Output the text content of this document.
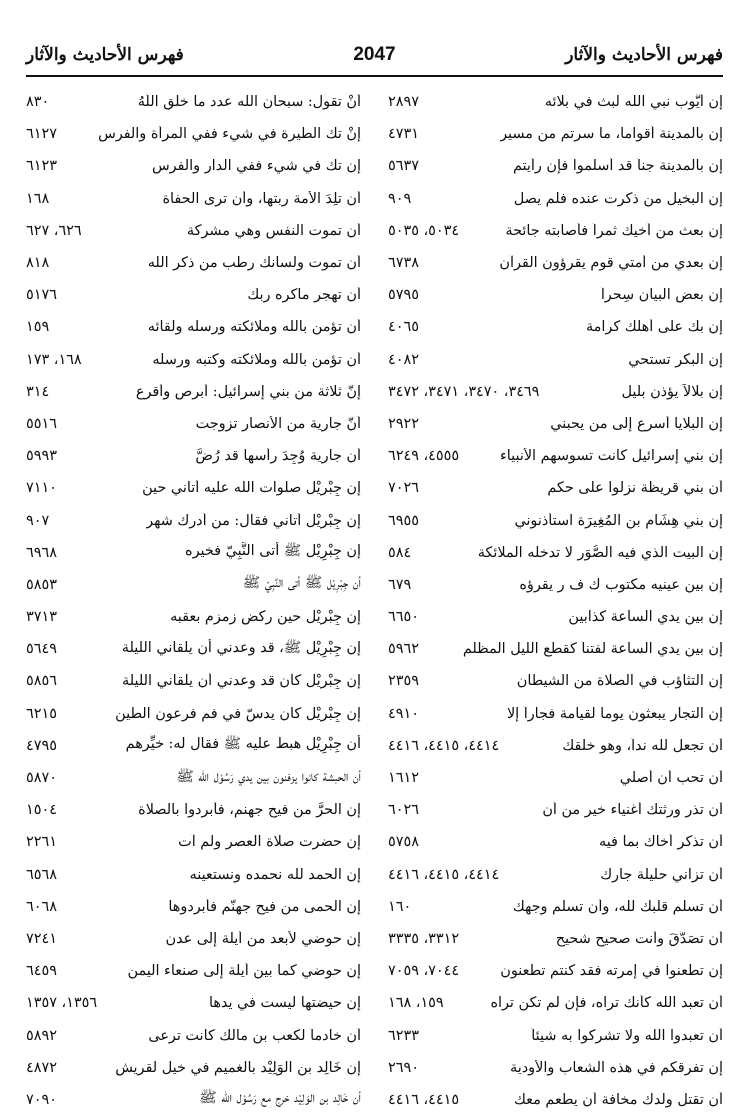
فهرس الأحاديث والآثار	2047	فهرس الأحاديث والآثار
إن أيُّوب نبي الله لبث في بلائه
٢٨٩٧
إن بالمدينة أقواماً، ما سرتم من مسير
٤٧٣١
إن بالمدينة جناً قد أسلموا فإن رأيتم
٥٦٣٧
إن البخيل من ذكرت عنده فلم يصل
٩٠٩
إن بعث من أخيك ثمراً فأصابته جائحة
٥٠٣٤، ٥٠٣٥
إن بعدي من أمتي قوم يقرؤون القرآن
٦٧٣٨
إن بعض البيان سِحراً
٥٧٩٥
إن بك على أهلك كرامة
٤٠٦٥
إن البكر تستحي
٤٠٨٢
إن بلالاً يؤذن بليل
٣٤٦٩، ٣٤٧٠، ٣٤٧١، ٣٤٧٢
إن البلايا أسرع إلى من يحبني
٢٩٢٢
إن بني إسرائيل كانت تسوسهم الأنبياء
٤٥٥٥، ٦٢٤٩
أن بني قريظة نزلوا على حكم
٧٠٢٦
إن بني هِشَام بن المُغِيرَة استأذنوني
٦٩٥٥
إن البيت الذي فيه الصُّوَر لا تدخله الملائكة
٥٨٤
إن بين عينيه مكتوب ك ف ر يقرؤه
٦٧٩
إن بين يدي الساعة كذابين
٦٦٥٠
إن بين يدي الساعة لفتناً كقطع الليل المظلم
٥٩٦٢
إن التثاؤب في الصلاة من الشيطان
٢٣٥٩
إن التجار يبعثون يوما لقيامة فجاراً إلا
٤٩١٠
أن تجعل لله نداً، وهو خلقك
٤٤١٤، ٤٤١٥، ٤٤١٦
أن تحب أن أصلي
١٦١٢
أن تذر ورثتك أغنياء خير من أن
٦٠٢٦
أن تذكر أخاك بما فيه
٥٧٥٨
أن تزاني حليلة جارك
٤٤١٤، ٤٤١٥، ٤٤١٦
أن تسلم قلبك لله، وأن تسلم وجهك
١٦٠
أن تصَدَّقَ وأنت صحيح شحيح
٣٣١٢، ٣٣٣٥
إن تطعنوا في إمرته فقد كنتم تطعنون
٧٠٤٤، ٧٠٥٩
أن تعبد الله كأنك تراه، فإن لم تكن تراه
١٥٩، ١٦٨
أن تعبدوا الله ولا تشركوا به شيئاً
٦٢٣٣
إن تفرقكم في هذه الشعاب والأودية
٢٦٩٠
أن تقتل ولدك مخافة أن يطعم معك
٤٤١٥، ٤٤١٦
أنْ تقول: سبحان الله عدد ما خلق اللّهُ
٨٣٠
إنْ تك الطيرة في شيء ففي المرأة والفرس
٦١٢٧
إن تك في شيء ففي الدار والفرس
٦١٢٣
أن تلِدَ الأمة ربتها، وأن ترى الحفاة
١٦٨
أن تموت النفس وهي مشركة
٦٢٦، ٦٢٧
أن تموت ولسانك رطب من ذكر الله
٨١٨
أن تهجر ماكره ربك
٥١٧٦
أن تؤمن بالله وملائكته ورسله ولقائه
١٥٩
أن تؤمن بالله وملائكته وكتبه ورسله
١٦٨، ١٧٣
إنّ ثلاثة من بني إسرائيل: أبرص وأقرع
٣١٤
أنّ جارية من الأنصار تزوجت
٥٥١٦
أن جارية وُجِدَ رأسها قد رُضَّ
٥٩٩٣
إن جِبْرِيْل صلوات الله عليه أتاني حين
٧١١٠
إن جِبْرِيْل أتاني فقال: من أدرك شهر
٩٠٧
إن جِبْرِيْل ﷺ أتى النَّبِيّ فخيره
٦٩٦٨
أن جِبْرِيْل ﷺ أتى النَّبِيّ ﷺ
٥٨٥٣
إن جِبْرِيْل حين ركض زمزم بعقبه
٣٧١٣
إن جِبْرِيْل ﷺ، قد وعدني أن يلقاني الليلة
٥٦٤٩
إن جِبْرِيْل كان قد وعدني أن يلقاني الليلة
٥٨٥٦
إن جِبْرِيْل كان يدسّ في فم فرعون الطين
٦٢١٥
أن جِبْرِيْل هبط عليه ﷺ فقال له: خيِّرهم
٤٧٩٥
أن الحبشة كانوا يزفنون بين يدي رَسُوْل الله ﷺ
٥٨٧٠
إن الحرَّ من فيح جهنم، فأبردوا بالصلاة
١٥٠٤
إن حضرت صلاة العصر ولم آت
٢٢٦١
إن الحمد لله نحمده ونستعينه
٦٥٦٨
إن الحمى من فيح جهنّم فأبردوها
٦٠٦٨
إن حوضي لأبعد من أيلة إلى عدن
٧٢٤١
إن حوضي كما بين أيلة إلى صنعاء اليمن
٦٤٥٩
إن حيضتها ليست في يدها
١٣٥٦، ١٣٥٧
أن خادماً لكعب بن مالك كانت ترعى
٥٨٩٢
إن خَالِد بن الوَلِيْد بالغميم في خيل لقريش
٤٨٧٢
أن خَالِد بن الوَلِيْد خرج مع رَسُوْل الله ﷺ
٧٠٩٠
